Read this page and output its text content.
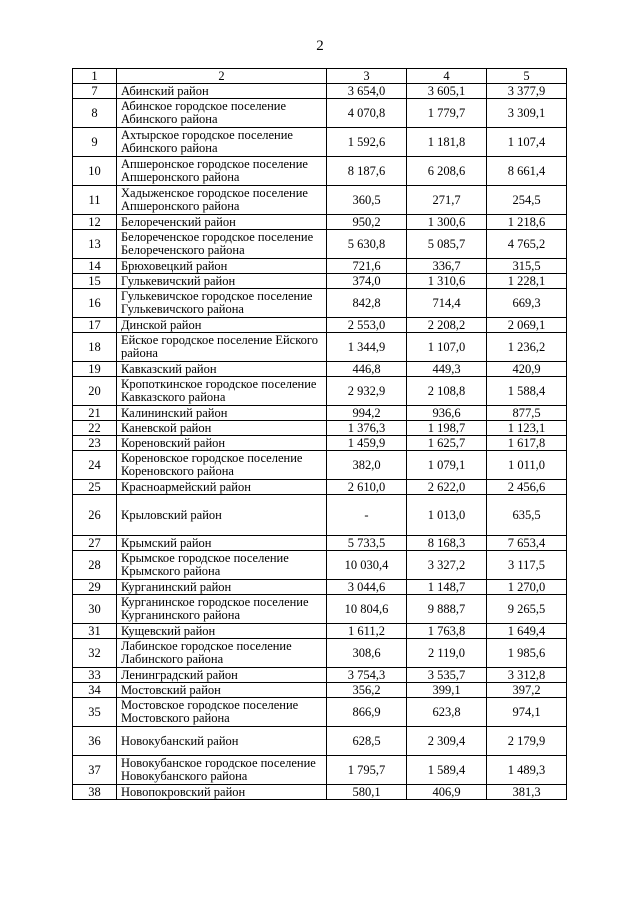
2
1	2	3	4	5
7	Абинский район	3 654,0	3 605,1	3 377,9
8	Абинское городское поселение Абинского района	4 070,8	1 779,7	3 309,1
9	Ахтырское городское поселение Абинского района	1 592,6	1 181,8	1 107,4
10	Апшеронское городское поселение Апшеронского района	8 187,6	6 208,6	8 661,4
11	Хадыженское городское поселение Апшеронского района	360,5	271,7	254,5
12	Белореченский район	950,2	1 300,6	1 218,6
13	Белореченское городское поселение Белореченского района	5 630,8	5 085,7	4 765,2
14	Брюховецкий район	721,6	336,7	315,5
15	Гулькевичский район	374,0	1 310,6	1 228,1
16	Гулькевичское городское поселение Гулькевичского района	842,8	714,4	669,3
17	Динской район	2 553,0	2 208,2	2 069,1
18	Ейское городское поселение Ейского района	1 344,9	1 107,0	1 236,2
19	Кавказский район	446,8	449,3	420,9
20	Кропоткинское городское поселение Кавказского района	2 932,9	2 108,8	1 588,4
21	Калининский район	994,2	936,6	877,5
22	Каневской район	1 376,3	1 198,7	1 123,1
23	Кореновский район	1 459,9	1 625,7	1 617,8
24	Кореновское городское поселение Кореновского района	382,0	1 079,1	1 011,0
25	Красноармейский район	2 610,0	2 622,0	2 456,6
26	Крыловский район	-	1 013,0	635,5
27	Крымский район	5 733,5	8 168,3	7 653,4
28	Крымское городское поселение Крымского района	10 030,4	3 327,2	3 117,5
29	Курганинский район	3 044,6	1 148,7	1 270,0
30	Курганинское городское поселение Курганинского района	10 804,6	9 888,7	9 265,5
31	Кущевский район	1 611,2	1 763,8	1 649,4
32	Лабинское городское поселение Лабинского района	308,6	2 119,0	1 985,6
33	Ленинградский район	3 754,3	3 535,7	3 312,8
34	Мостовский район	356,2	399,1	397,2
35	Мостовское городское поселение Мостовского района	866,9	623,8	974,1
36	Новокубанский район	628,5	2 309,4	2 179,9
37	Новокубанское городское поселение Новокубанского района	1 795,7	1 589,4	1 489,3
38	Новопокровский район	580,1	406,9	381,3
